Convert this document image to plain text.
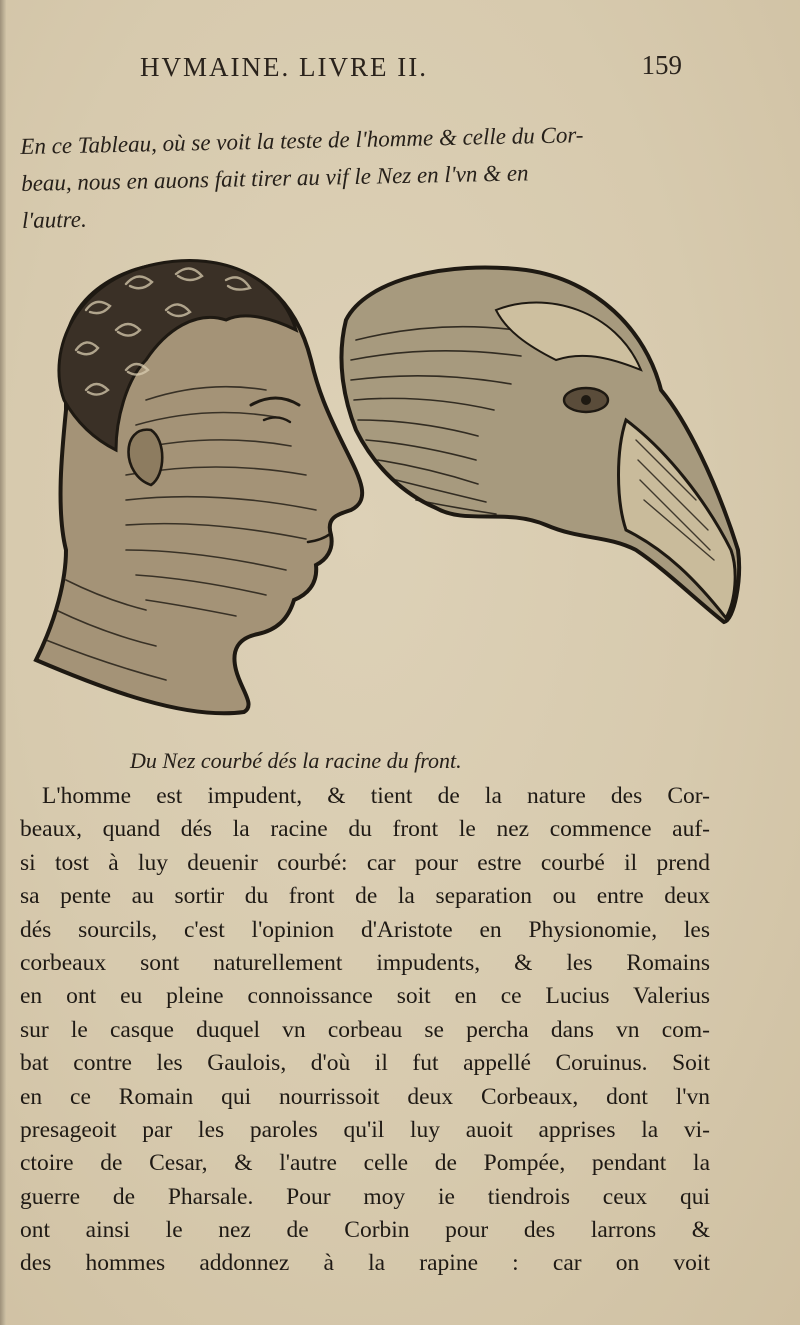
HVMAINE. LIVRE II.	159
En ce Tableau, où se voit la teste de l'homme & celle du Cor-
beau, nous en auons fait tirer au vif le Nez en l'vn & en
l'autre.
Du Nez courbé dés la racine du front.
L'homme est impudent, & tient de la nature des Cor-
beaux, quand dés la racine du front le nez commence auf-
si tost à luy deuenir courbé: car pour estre courbé il prend
sa pente au sortir du front de la separation ou entre deux
dés sourcils, c'est l'opinion d'Aristote en Physionomie, les
corbeaux sont naturellement impudents, & les Romains
en ont eu pleine connoissance soit en ce Lucius Valerius
sur le casque duquel vn corbeau se percha dans vn com-
bat contre les Gaulois, d'où il fut appellé Coruinus. Soit
en ce Romain qui nourrissoit deux Corbeaux, dont l'vn
presageoit par les paroles qu'il luy auoit apprises la vi-
ctoire de Cesar, & l'autre celle de Pompée, pendant la
guerre de Pharsale. Pour moy ie tiendrois ceux qui
ont ainsi le nez de Corbin pour des larrons &
des hommes addonnez à la rapine : car on voit
